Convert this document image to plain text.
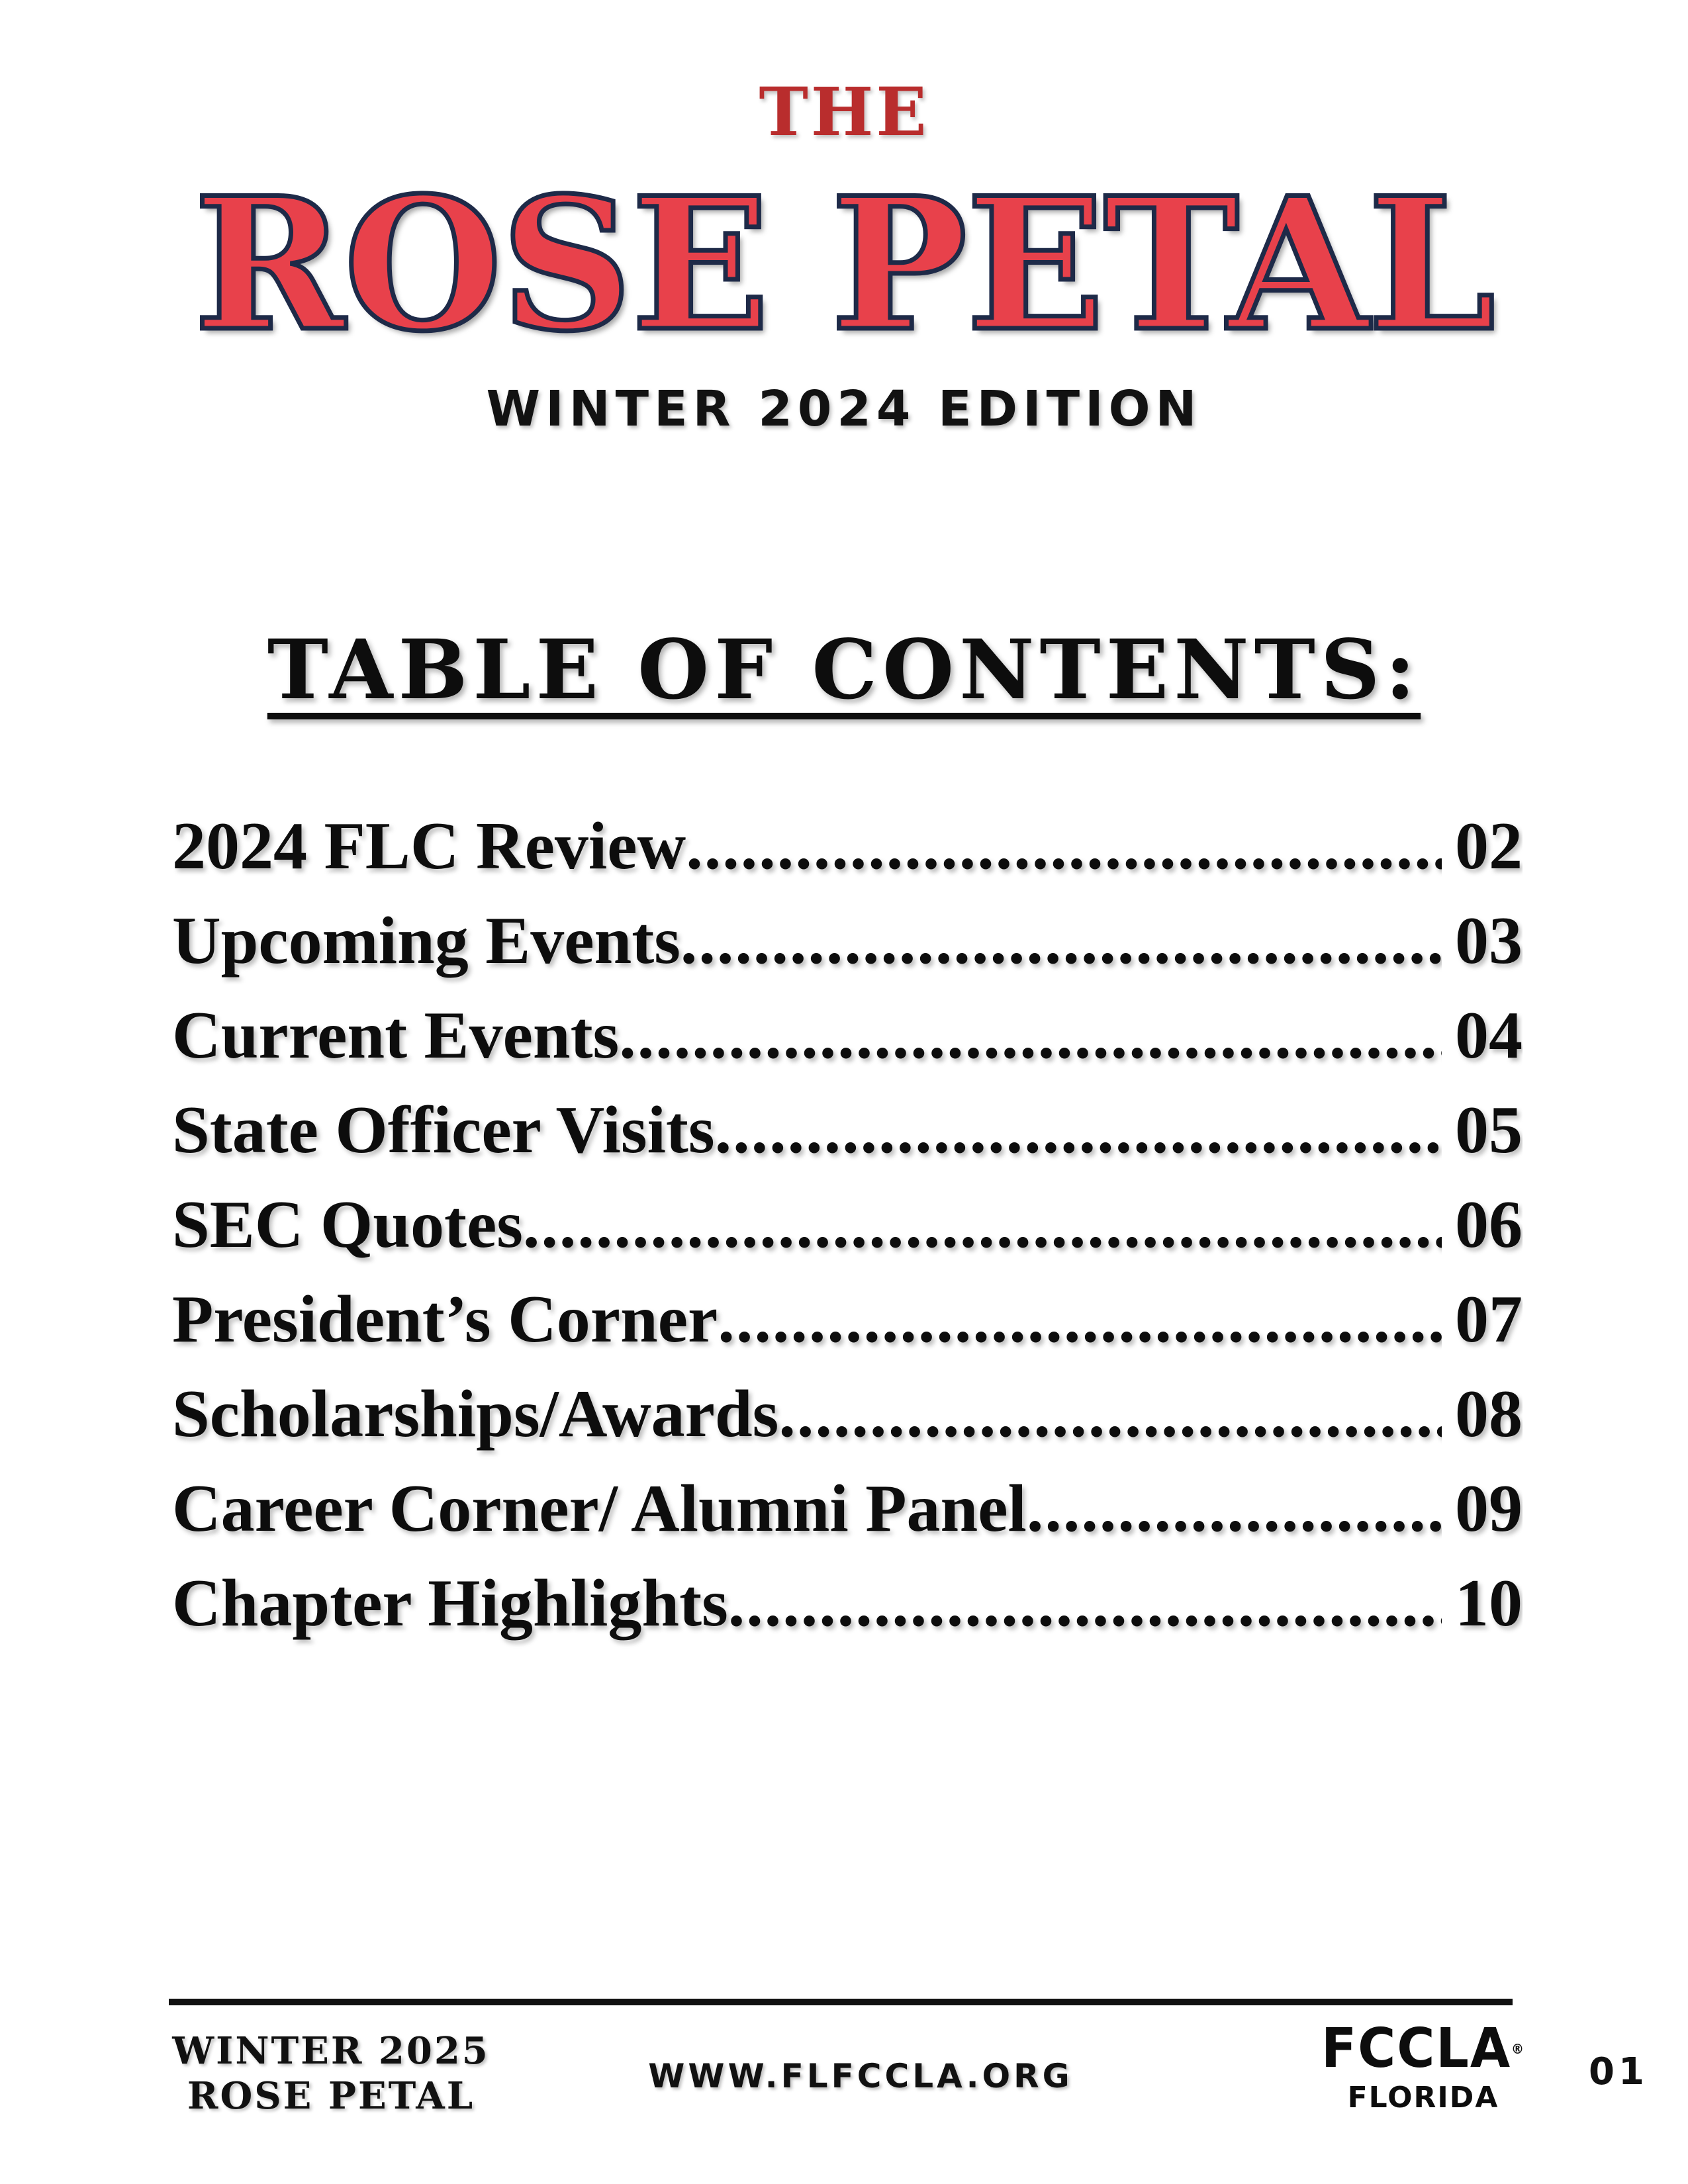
THE
ROSE PETAL
WINTER 2024 EDITION
TABLE OF CONTENTS:
2024 FLC Review .....	02
Upcoming Events .....	03
Current Events .....	04
State Officer Visits .....	05
SEC Quotes .....	06
President’s Corner .....	07
Scholarships/Awards .....	08
Career Corner/ Alumni Panel .....	09
Chapter Highlights .....	10
WINTER 2025
ROSE PETAL	WWW.FLFCCLA.ORG	FCCLA®
FLORIDA
01
